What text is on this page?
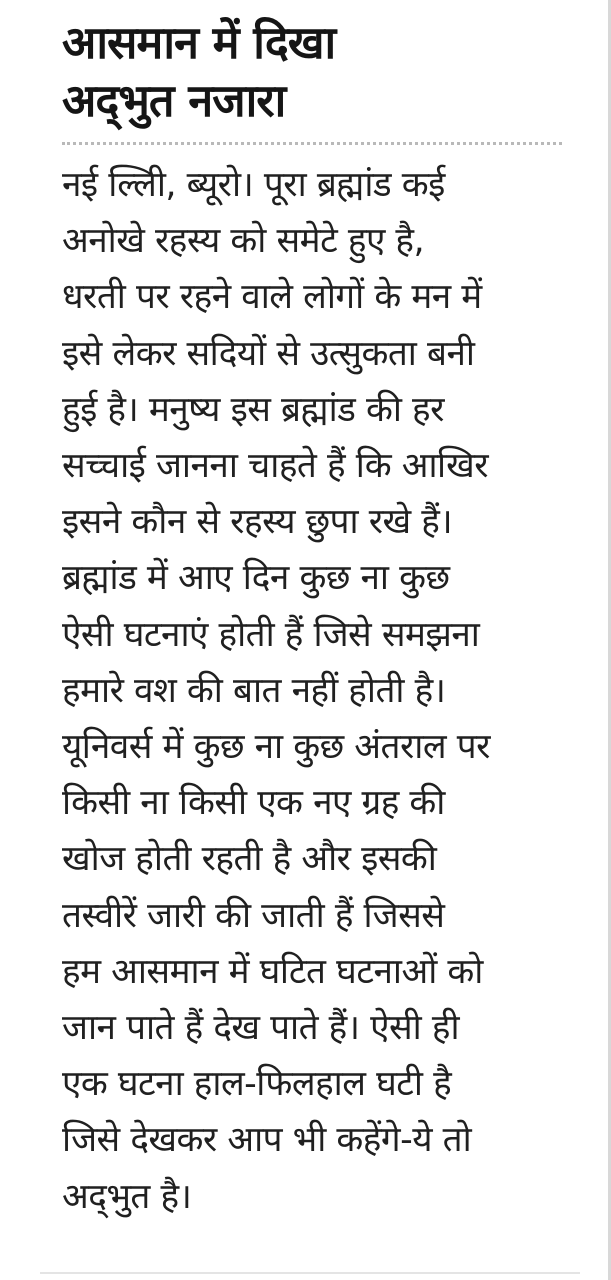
आसमान में दिखा
अद्‌भुत नजारा

नई ल्लिी, ब्यूरो। पूरा ब्रह्मांड कई
अनोखे रहस्य को समेटे हुए है,
धरती पर रहने वाले लोगों के मन में
इसे लेकर सदियों से उत्सुकता बनी
हुई है। मनुष्य इस ब्रह्मांड की हर
सच्चाई जानना चाहते हैं कि आखिर
इसने कौन से रहस्य छुपा रखे हैं।
ब्रह्मांड में आए दिन कुछ ना कुछ
ऐसी घटनाएं होती हैं जिसे समझना
हमारे वश की बात नहीं होती है।
यूनिवर्स में कुछ ना कुछ अंतराल पर
किसी ना किसी एक नए ग्रह की
खोज होती रहती है और इसकी
तस्वीरें जारी की जाती हैं जिससे
हम आसमान में घटित घटनाओं को
जान पाते हैं देख पाते हैं। ऐसी ही
एक घटना हाल-फिलहाल घटी है
जिसे देखकर आप भी कहेंगे-ये तो
अद्‌भुत है।
